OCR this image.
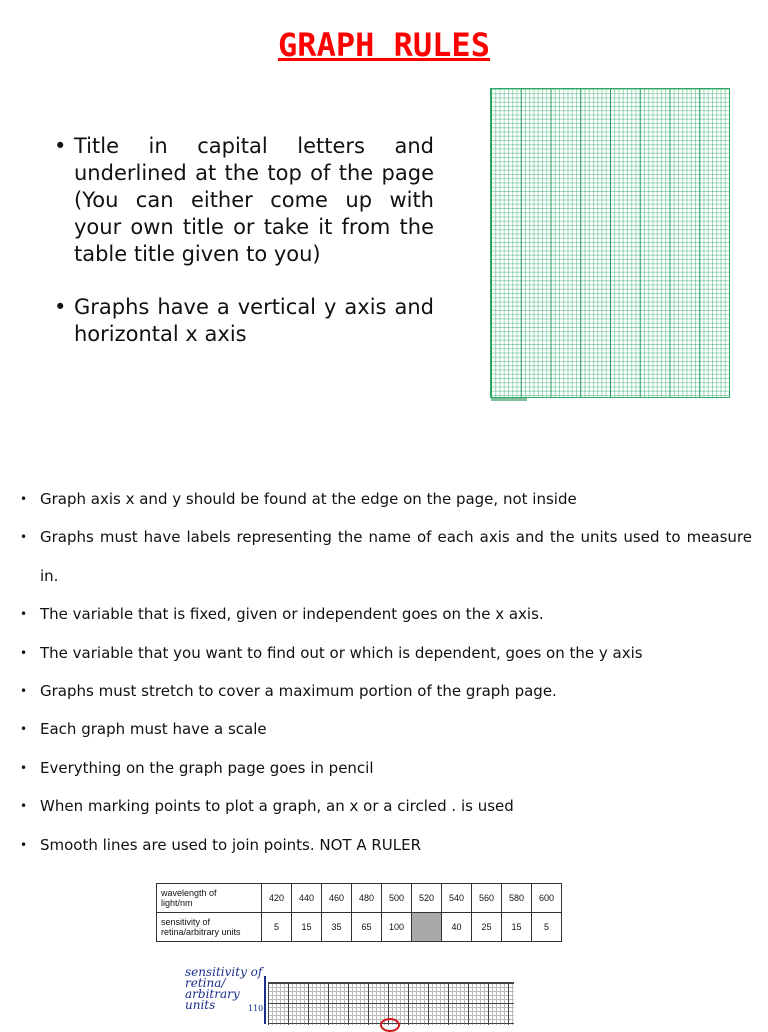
GRAPH RULES
• Title in capital letters and underlined at the top of the page (You can either come up with your own title or take it from the table title given to you)
• Graphs have a vertical y axis and horizontal x axis
• Graph axis x and y should be found at the edge on the page, not inside
• Graphs must have labels representing the name of each axis and the units used to measure in.
• The variable that is fixed, given or independent goes on the x axis.
• The variable that you want to find out or which is dependent, goes on the y axis
• Graphs must stretch to cover a maximum portion of the graph page.
• Each graph must have a scale
• Everything on the graph page goes in pencil
• When marking points to plot a graph, an x or a circled . is used
• Smooth lines are used to join points. NOT A RULER
wavelength of
light/nm	420	440	460	480	500	520	540	560	580	600

sensitivity of
retina/arbitrary units	5	15	35	65	100		40	25	15	5
sensitivity of retina/ arbitrary units	110
